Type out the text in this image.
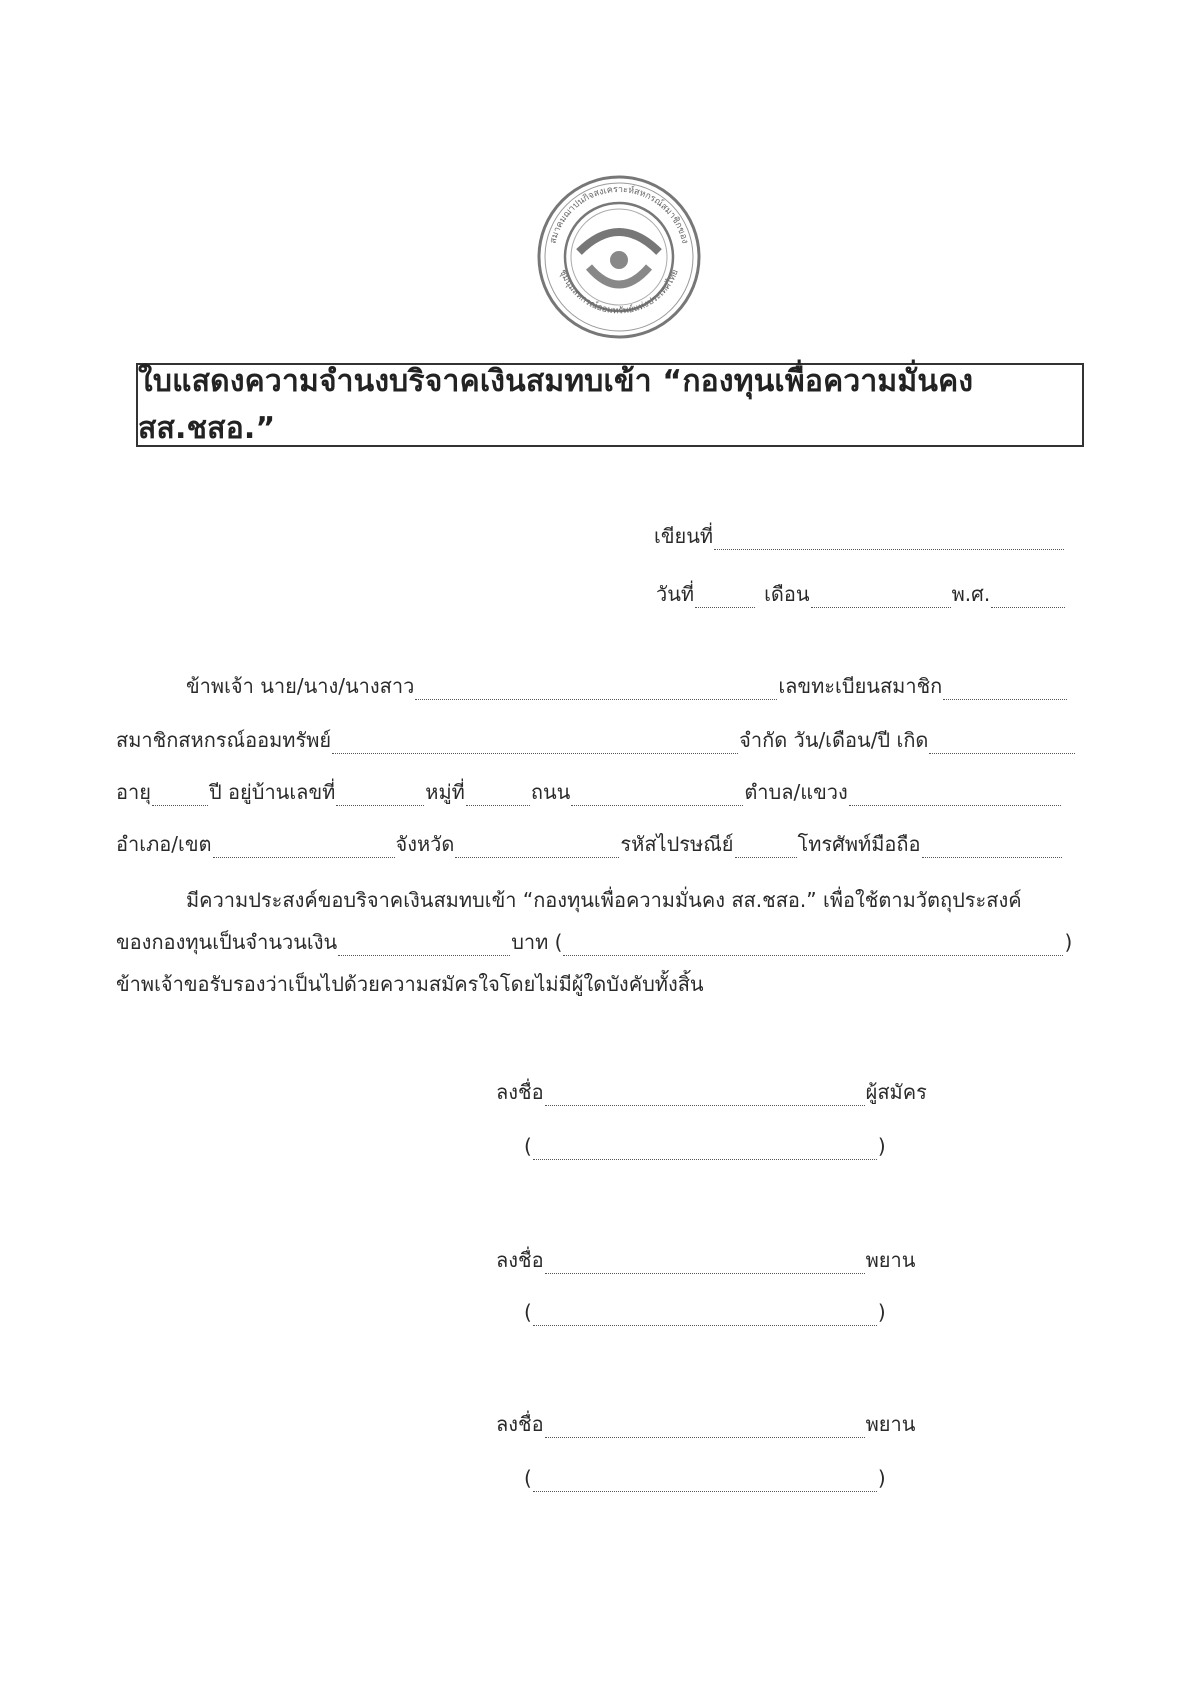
สมาคมฌาปนกิจสงเคราะห์สหกรณ์สมาชิกของ
ชุมนุมสหกรณ์ออมทรัพย์แห่งประเทศไทย
ใบแสดงความจำนงบริจาคเงินสมทบเข้า “กองทุนเพื่อความมั่นคง สส.ชสอ.”
เขียนที่
วันที่	เดือน	พ.ศ.
ข้าพเจ้า นาย/นาง/นางสาว	เลขทะเบียนสมาชิก
สมาชิกสหกรณ์ออมทรัพย์	จำกัด วัน/เดือน/ปี เกิด
อายุ	ปี อยู่บ้านเลขที่	หมู่ที่	ถนน	ตำบล/แขวง
อำเภอ/เขต	จังหวัด	รหัสไปรษณีย์	โทรศัพท์มือถือ
มีความประสงค์ขอบริจาคเงินสมทบเข้า “กองทุนเพื่อความมั่นคง สส.ชสอ.” เพื่อใช้ตามวัตถุประสงค์
ของกองทุนเป็นจำนวนเงิน	บาท (	)
ข้าพเจ้าขอรับรองว่าเป็นไปด้วยความสมัครใจโดยไม่มีผู้ใดบังคับทั้งสิ้น
ลงชื่อ	ผู้สมัคร
(	)
ลงชื่อ	พยาน
(	)
ลงชื่อ	พยาน
(	)
